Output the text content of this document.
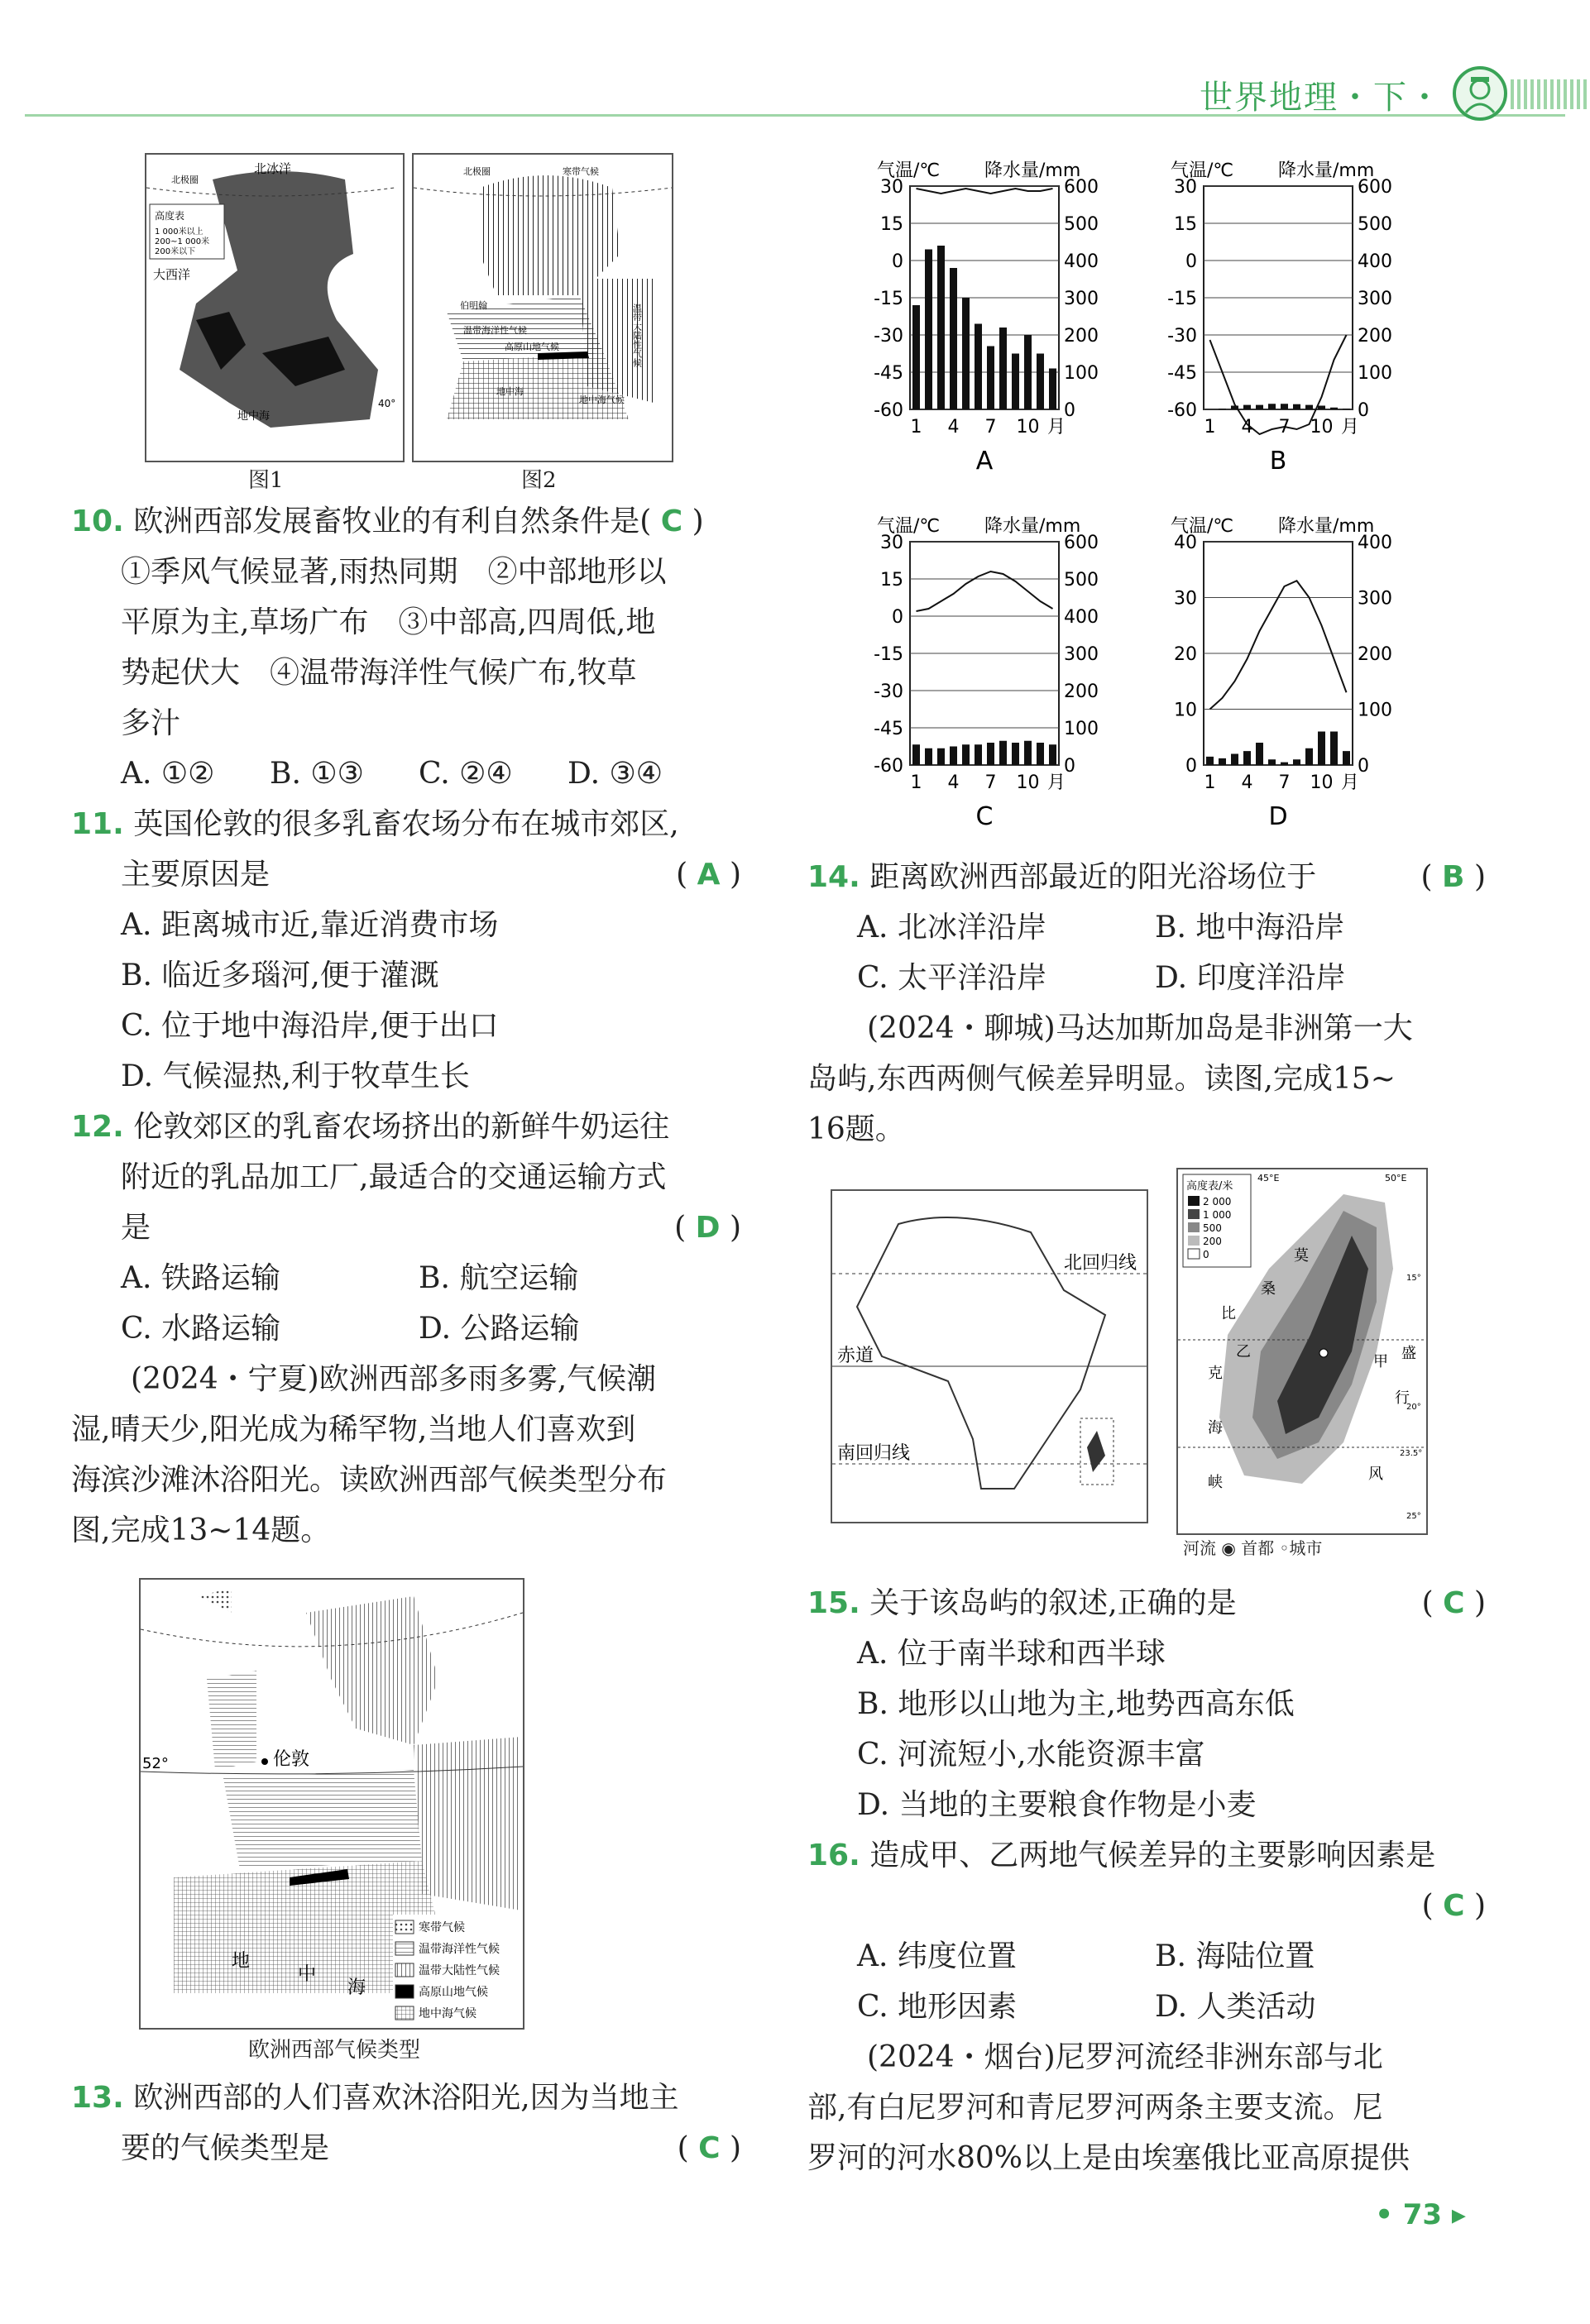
世界地理・下・
高度表
1 000米以上
200~1 000米
200米以下
北冰洋
北极圈
大西洋
地中海
40°
北极圈	寒带气候
伯明翰
温带海洋性气候	温带大陆性气候
高原山地气候
地中海
地中海气候
图1	图2
10. 欧洲西部发展畜牧业的有利自然条件是( C )
①季风气候显著,雨热同期　②中部地形以
平原为主,草场广布　③中部高,四周低,地
势起伏大　④温带海洋性气候广布,牧草
多汁
A. ①②	B. ①③	C. ②④	D. ③④
11. 英国伦敦的很多乳畜农场分布在城市郊区,
主要原因是	( A )
A. 距离城市近,靠近消费市场
B. 临近多瑙河,便于灌溉
C. 位于地中海沿岸,便于出口
D. 气候湿热,利于牧草生长
12. 伦敦郊区的乳畜农场挤出的新鲜牛奶运往
附近的乳品加工厂,最适合的交通运输方式
是	( D )
A. 铁路运输	B. 航空运输
C. 水路运输	D. 公路运输
(2024・宁夏)欧洲西部多雨多雾,气候潮
湿,晴天少,阳光成为稀罕物,当地人们喜欢到
海滨沙滩沐浴阳光。读欧洲西部气候类型分布
图,完成13~14题。
52°	伦敦
地
中
海
寒带气候
温带海洋性气候
温带大陆性气候
高原山地气候
地中海气候
欧洲西部气候类型
13. 欧洲西部的人们喜欢沐浴阳光,因为当地主
要的气候类型是	( C )
气温/℃ 降水量/mm
30	600
15	500
0	400
-15	300
-30	200
-45	100
-60	0
1 4 7 10 月
A
气温/℃ 降水量/mm
30	600
15	500
0	400
-15	300
-30	200
-45	100
-60	0
1 4 7 10 月
B
气温/℃ 降水量/mm
30	600
15	500
0	400
-15	300
-30	200
-45	100
-60	0
1 4 7 10 月
C
气温/℃ 降水量/mm
40	400
30	300
20	200
10	100
0	0
1 4 7 10 月
D
14. 距离欧洲西部最近的阳光浴场位于	( B )
A. 北冰洋沿岸	B. 地中海沿岸
C. 太平洋沿岸	D. 印度洋沿岸
(2024・聊城)马达加斯加岛是非洲第一大
岛屿,东西两侧气候差异明显。读图,完成15~
16题。
北回归线
赤道
南回归线
高度表/米
2 000
1 000
500
200
0
45°E	50°E
莫
桑
比
乙
克
海
峡
甲 盛
行
风
15°
20°
23.5°
25°
河流 ◉ 首都 ◦城市
15. 关于该岛屿的叙述,正确的是	( C )
A. 位于南半球和西半球
B. 地形以山地为主,地势西高东低
C. 河流短小,水能资源丰富
D. 当地的主要粮食作物是小麦
16. 造成甲、乙两地气候差异的主要影响因素是
( C )
A. 纬度位置	B. 海陆位置
C. 地形因素	D. 人类活动
(2024・烟台)尼罗河流经非洲东部与北
部,有白尼罗河和青尼罗河两条主要支流。尼
罗河的河水80%以上是由埃塞俄比亚高原提供
• 73 ▸
